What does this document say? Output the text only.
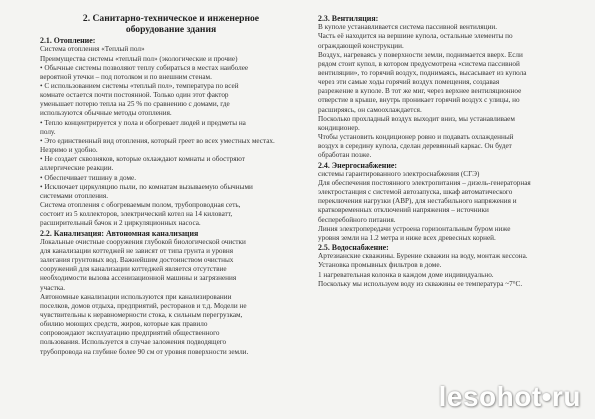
2. Санитарно-техническое и инженерное
оборудование здания
2.1. Отопление:
Система отопления «Теплый пол»
Преимущества системы «теплый пол» (экологические и прочие)
• Обычные системы позволяют теплу собираться в местах наиболее
вероятной утечки – под потолком и по внешним стенам.
• С использованием системы «теплый пол», температура по всей
комнате остается почти постоянной. Только один этот фактор
уменьшает потерю тепла на 25 % по сравнению с домами, где
используются обычные методы отопления.
• Тепло концентрируется у пола и обогревает людей и предметы на
полу.
• Это единственный вид отопления, который греет во всех уместных местах.
Незримо и удобно.
• Не создает сквозняков, которые охлаждают комнаты и обостряют
аллергические реакции.
• Обеспечивает тишину в доме.
• Исключает циркуляцию пыли, по комнатам вызываемую обычными
системами отопления.
Система отопления с обогреваемым полом, трубопроводная сеть,
состоит из 5 коллекторов, электрический котел на 14 киловатт,
расширительный бачок и 2 циркуляционных насоса.
2.2. Канализация: Автономная канализация
Локальные очистные сооружения глубокой биологической очистки
для канализации коттеджей не зависят от типа грунта и уровня
залегания грунтовых вод. Важнейшим достоинством очистных
сооружений для канализации коттеджей является отсутствие
необходимости вызова ассенизационной машины и загрязнения
участка.
Автономные канализации используются при канализировании
поселков, домов отдыха, предприятий, ресторанов и т.д. Модели не
чувствительны к неравномерности стока, к сильным перегрузкам,
обилию моющих средств, жиров, которые как правило
сопровождают эксплуатацию предприятий общественного
пользования. Используется в случае заложения подводящего
трубопровода на глубине более 90 см от уровня поверхности земли.
2.3. Вентиляция:
В куполе устанавливается система пассивной вентиляции.
Часть её находится на вершине купола, остальные элементы по
ограждающей конструкции.
Воздух, нагреваясь у поверхности земли, поднимается вверх. Если
рядом стоит купол, в котором предусмотрена «система пассивной
вентиляции», то горячий воздух, поднимаясь, высасывает из купола
через эти самые ходы горячий воздух помещения, создавая
разрежение в куполе. В тот же миг, через верхнее вентиляционное
отверстие в крыше, внутрь проникает горячий воздух с улицы, но
расширяясь, он самоохлаждается.
Посколько прохладный воздух выходит вниз, мы устанавливаем
кондиционер.
Чтобы установить кондиционер ровно и подавать охлажденный
воздух в середину купола, сделан деревянный каркас. Он будет
обработан позже.
2.4. Энергоснабжение:
системы гарантированного электроснабжения (СГЭ)
Для обеспечения постоянного электропитания – дизель-генераторная
электростанция с системой автозапуска, шкаф автоматического
переключения нагрузки (АВР), для нестабильного напряжения и
кратковременных отключений напряжения – источники
бесперебойного питания.
Линия электропередачи устроена горизонтальным буром ниже
уровня земли на 1.2 метра и ниже всех древесных корней.
2.5. Водоснабжение:
Артезианские скважины. Бурение скважин на воду, монтаж кессона.
Установка промывных фильтров в доме.
1 нагревательная колонка в каждом доме индивидуально.
Поскольку мы используем воду из скважины ее температура ~7°C.
lesohot•ru
